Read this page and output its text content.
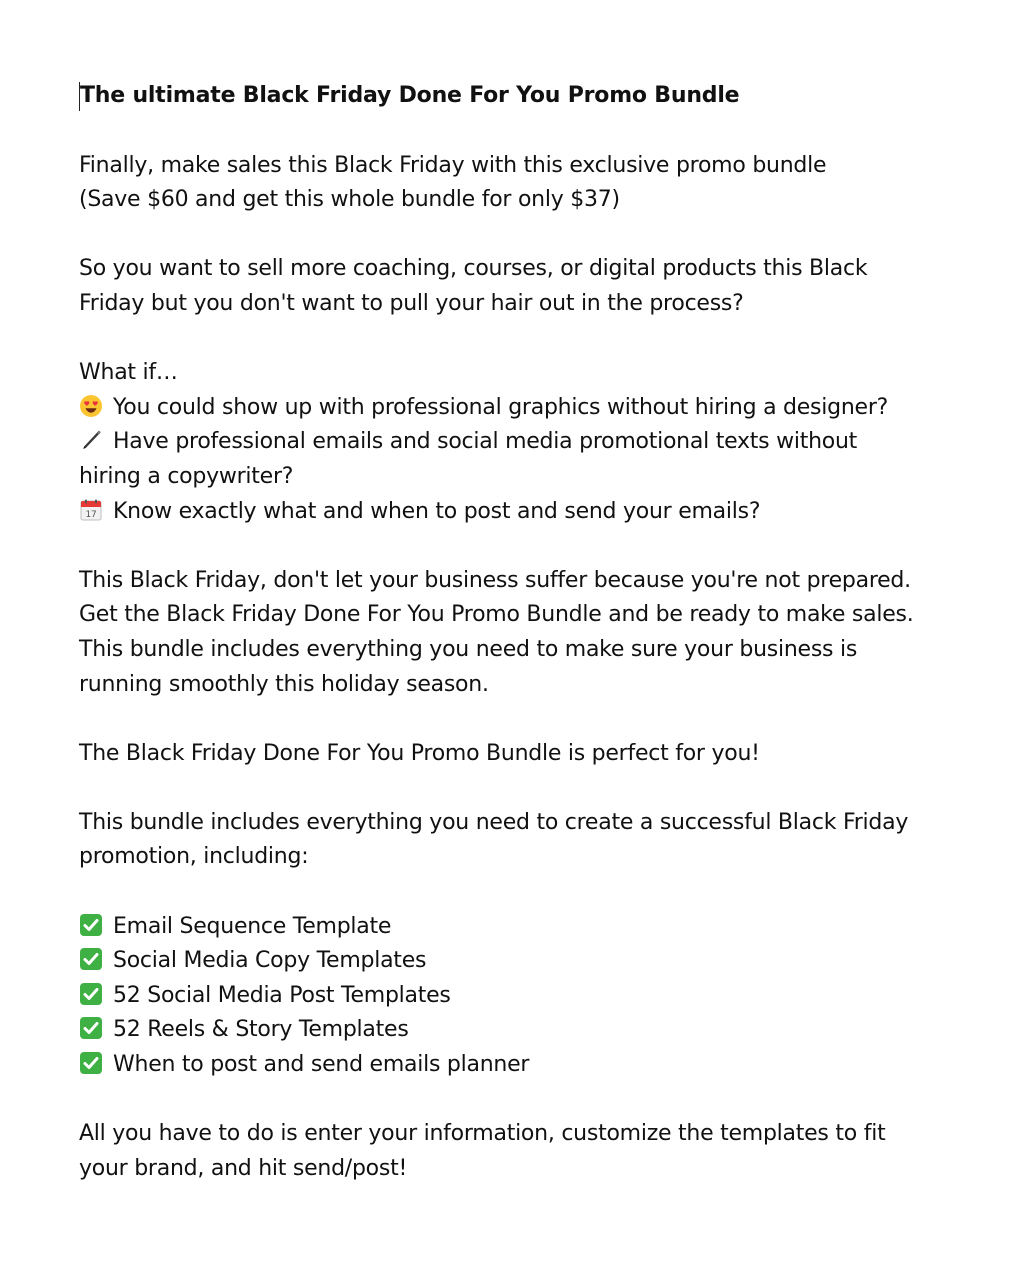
The ultimate Black Friday Done For You Promo Bundle

Finally, make sales this Black Friday with this exclusive promo bundle
(Save $60 and get this whole bundle for only $37)

So you want to sell more coaching, courses, or digital products this Black
Friday but you don't want to pull your hair out in the process?

What if…
You could show up with professional graphics without hiring a designer?
Have professional emails and social media promotional texts without
hiring a copywriter?
17 Know exactly what and when to post and send your emails?

This Black Friday, don't let your business suffer because you're not prepared.
Get the Black Friday Done For You Promo Bundle and be ready to make sales.
This bundle includes everything you need to make sure your business is
running smoothly this holiday season.

The Black Friday Done For You Promo Bundle is perfect for you!

This bundle includes everything you need to create a successful Black Friday
promotion, including:

Email Sequence Template
Social Media Copy Templates
52 Social Media Post Templates
52 Reels & Story Templates
When to post and send emails planner

All you have to do is enter your information, customize the templates to fit
your brand, and hit send/post!
